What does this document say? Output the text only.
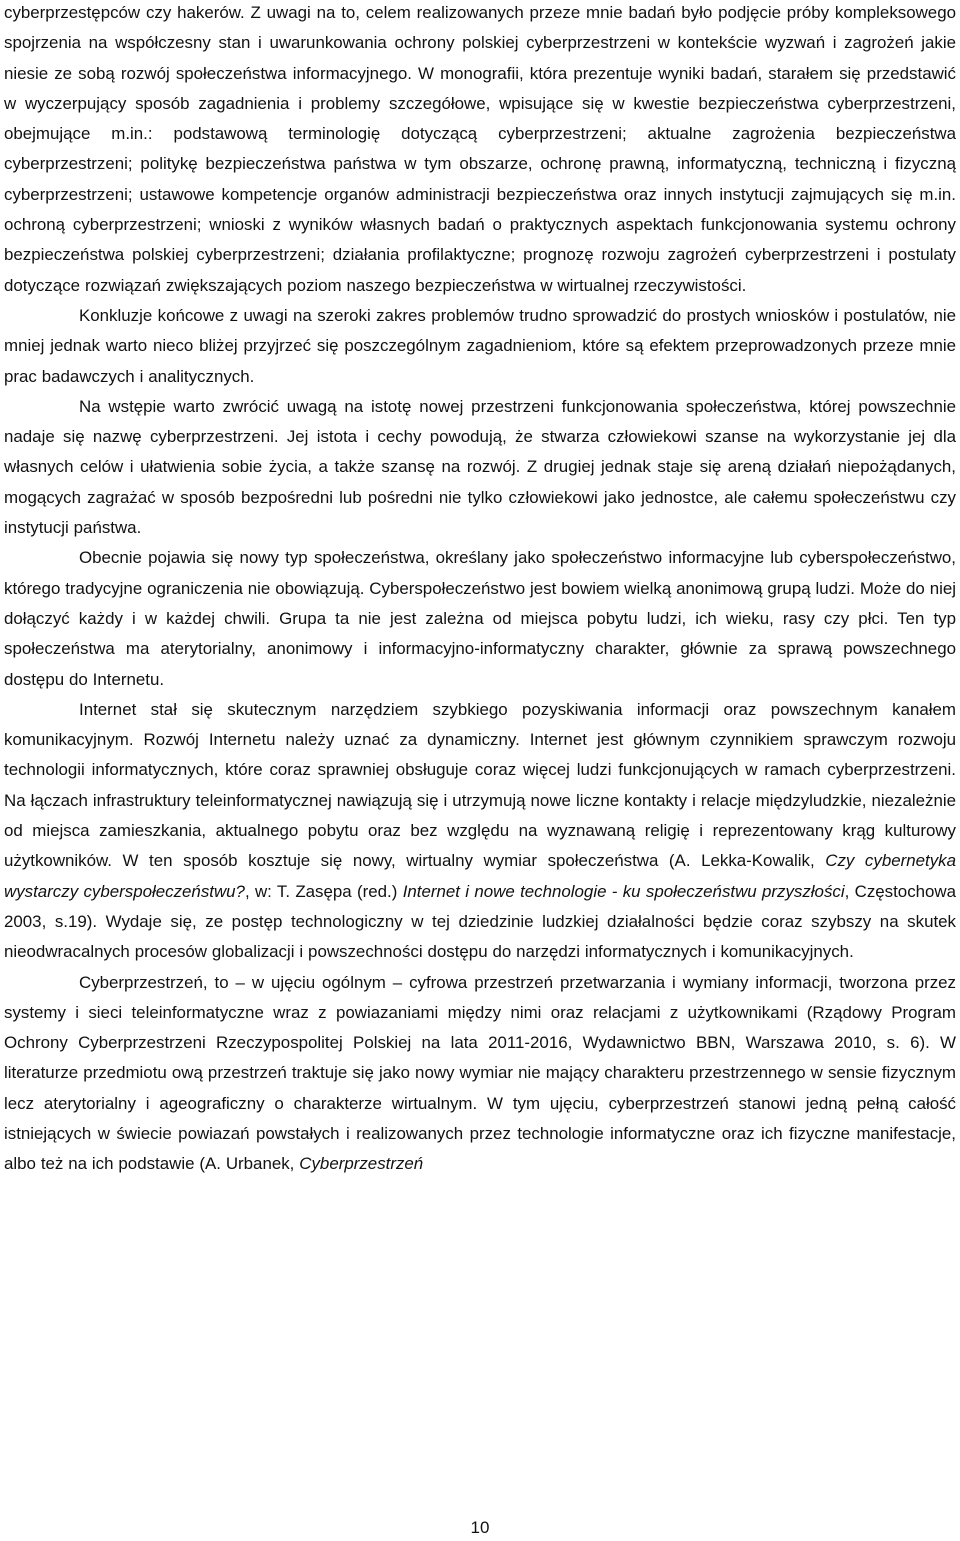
cyberprzestępców czy hakerów. Z uwagi na to, celem realizowanych przeze mnie badań było podjęcie próby kompleksowego spojrzenia na współczesny stan i uwarunkowania ochrony polskiej cyberprzestrzeni w kontekście wyzwań i zagrożeń jakie niesie ze sobą rozwój społeczeństwa informacyjnego. W monografii, która prezentuje wyniki badań, starałem się przedstawić w wyczerpujący sposób zagadnienia i problemy szczegółowe, wpisujące się w kwestie bezpieczeństwa cyberprzestrzeni, obejmujące m.in.: podstawową terminologię dotyczącą cyberprzestrzeni; aktualne zagrożenia bezpieczeństwa cyberprzestrzeni; politykę bezpieczeństwa państwa w tym obszarze, ochronę prawną, informatyczną, techniczną i fizyczną cyberprzestrzeni; ustawowe kompetencje organów administracji bezpieczeństwa oraz innych instytucji zajmujących się m.in. ochroną cyberprzestrzeni; wnioski z wyników własnych badań o praktycznych aspektach funkcjonowania systemu ochrony bezpieczeństwa polskiej cyberprzestrzeni; działania profilaktyczne; prognozę rozwoju zagrożeń cyberprzestrzeni i postulaty dotyczące rozwiązań zwiększających poziom naszego bezpieczeństwa w wirtualnej rzeczywistości.

Konkluzje końcowe z uwagi na szeroki zakres problemów trudno sprowadzić do prostych wniosków i postulatów, nie mniej jednak warto nieco bliżej przyjrzeć się poszczególnym zagadnieniom, które są efektem przeprowadzonych przeze mnie prac badawczych i analitycznych.

Na wstępie warto zwrócić uwagą na istotę nowej przestrzeni funkcjonowania społeczeństwa, której powszechnie nadaje się nazwę cyberprzestrzeni. Jej istota i cechy powodują, że stwarza człowiekowi szanse na wykorzystanie jej dla własnych celów i ułatwienia sobie życia, a także szansę na rozwój. Z drugiej jednak staje się areną działań niepożądanych, mogących zagrażać w sposób bezpośredni lub pośredni nie tylko człowiekowi jako jednostce, ale całemu społeczeństwu czy instytucji państwa.

Obecnie pojawia się nowy typ społeczeństwa, określany jako społeczeństwo informacyjne lub cyberspołeczeństwo, którego tradycyjne ograniczenia nie obowiązują. Cyberspołeczeństwo jest bowiem wielką anonimową grupą ludzi. Może do niej dołączyć każdy i w każdej chwili. Grupa ta nie jest zależna od miejsca pobytu ludzi, ich wieku, rasy czy płci. Ten typ społeczeństwa ma aterytorialny, anonimowy i informacyjno-informatyczny charakter, głównie za sprawą powszechnego dostępu do Internetu.

Internet stał się skutecznym narzędziem szybkiego pozyskiwania informacji oraz powszechnym kanałem komunikacyjnym. Rozwój Internetu należy uznać za dynamiczny. Internet jest głównym czynnikiem sprawczym rozwoju technologii informatycznych, które coraz sprawniej obsługuje coraz więcej ludzi funkcjonujących w ramach cyberprzestrzeni. Na łączach infrastruktury teleinformatycznej nawiązują się i utrzymują nowe liczne kontakty i relacje międzyludzkie, niezależnie od miejsca zamieszkania, aktualnego pobytu oraz bez względu na wyznawaną religię i reprezentowany krąg kulturowy użytkowników. W ten sposób kosztuje się nowy, wirtualny wymiar społeczeństwa (A. Lekka-Kowalik, Czy cybernetyka wystarczy cyberspołeczeństwu?, w: T. Zasępa (red.) Internet i nowe technologie - ku społeczeństwu przyszłości, Częstochowa 2003, s.19). Wydaje się, ze postęp technologiczny w tej dziedzinie ludzkiej działalności będzie coraz szybszy na skutek nieodwracalnych procesów globalizacji i powszechności dostępu do narzędzi informatycznych i komunikacyjnych.

Cyberprzestrzeń, to – w ujęciu ogólnym – cyfrowa przestrzeń przetwarzania i wymiany informacji, tworzona przez systemy i sieci teleinformatyczne wraz z powiazaniami między nimi oraz relacjami z użytkownikami (Rządowy Program Ochrony Cyberprzestrzeni Rzeczypospolitej Polskiej na lata 2011-2016, Wydawnictwo BBN, Warszawa 2010, s. 6). W literaturze przedmiotu ową przestrzeń traktuje się jako nowy wymiar nie mający charakteru przestrzennego w sensie fizycznym lecz aterytorialny i ageograficzny o charakterze wirtualnym. W tym ujęciu, cyberprzestrzeń stanowi jedną pełną całość istniejących w świecie powiazań powstałych i realizowanych przez technologie informatyczne oraz ich fizyczne manifestacje, albo też na ich podstawie (A. Urbanek, Cyberprzestrzeń

10
